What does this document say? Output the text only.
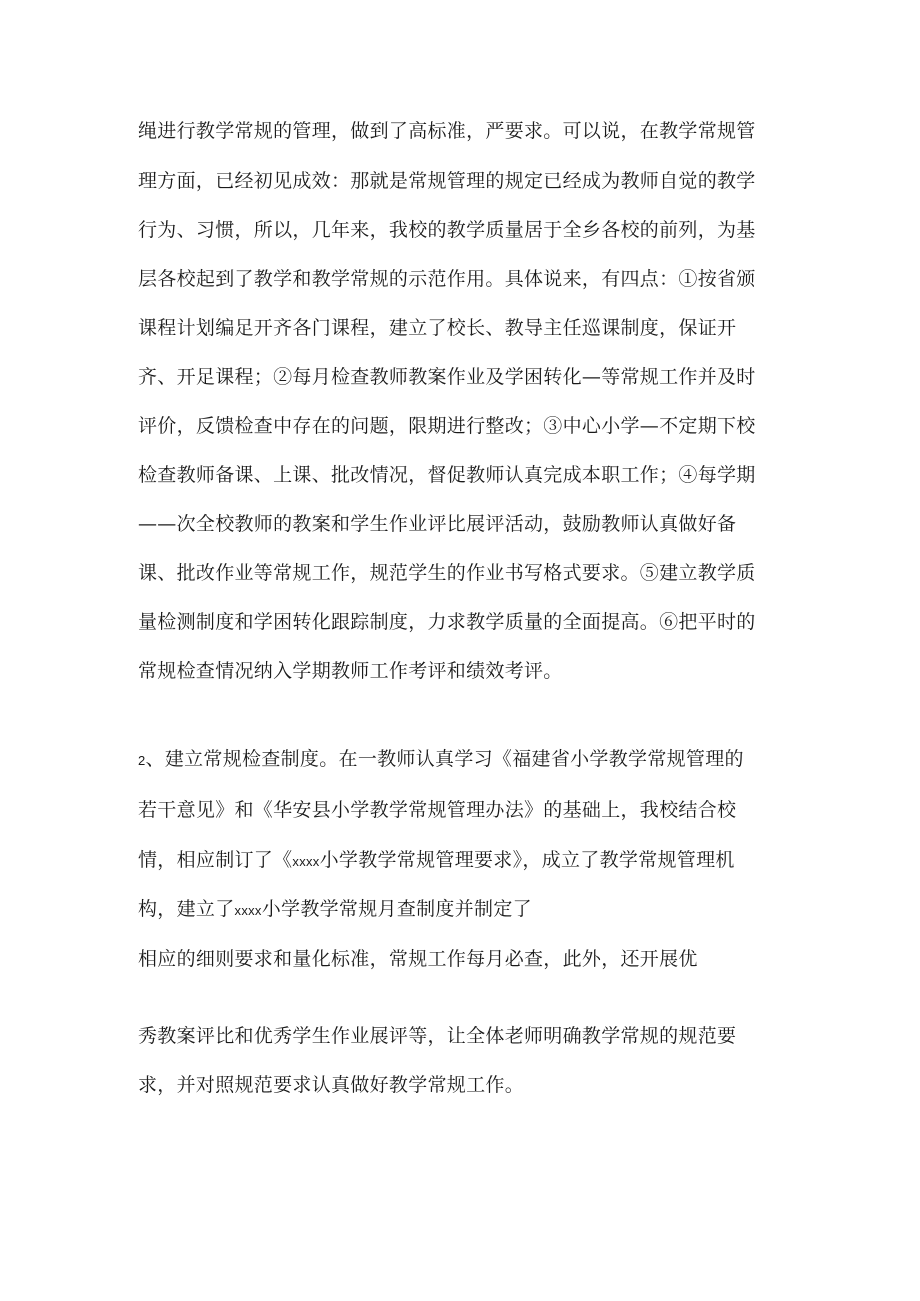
绳进行教学常规的管理，做到了高标准，严要求。可以说，在教学常规管
理方面，已经初见成效：那就是常规管理的规定已经成为教师自觉的教学
行为、习惯，所以，几年来，我校的教学质量居于全乡各校的前列，为基
层各校起到了教学和教学常规的示范作用。具体说来，有四点：①按省颁
课程计划编足开齐各门课程，建立了校长、教导主任巡课制度，保证开
齐、开足课程；②每月检查教师教案作业及学困转化—等常规工作并及时
评价，反馈检查中存在的问题，限期进行整改；③中心小学—不定期下校
检查教师备课、上课、批改情况，督促教师认真完成本职工作；④每学期
——次全校教师的教案和学生作业评比展评活动，鼓励教师认真做好备
课、批改作业等常规工作，规范学生的作业书写格式要求。⑤建立教学质
量检测制度和学困转化跟踪制度，力求教学质量的全面提高。⑥把平时的
常规检查情况纳入学期教师工作考评和绩效考评。
2、建立常规检查制度。在一教师认真学习《福建省小学教学常规管理的
若干意见》和《华安县小学教学常规管理办法》的基础上，我校结合校
情，相应制订了《xxxx小学教学常规管理要求》，成立了教学常规管理机
构，建立了xxxx小学教学常规月查制度并制定了
相应的细则要求和量化标准，常规工作每月必查，此外，还开展优
秀教案评比和优秀学生作业展评等，让全体老师明确教学常规的规范要
求，并对照规范要求认真做好教学常规工作。
